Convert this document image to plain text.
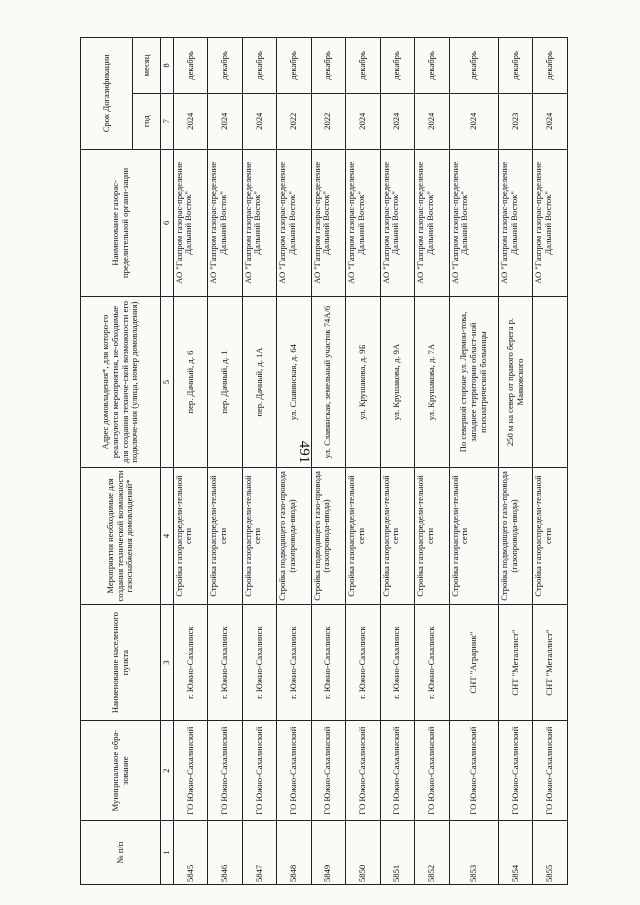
491
№ п/п	Муниципальное обра-зование	Наименование населенного пункта	Мероприятия необходимые для создания технической возможности газоснабжения домовладений*	Адрес домовладения*, для которо-го реализуются мероприятия, не-обходимые для создания техниче-ской возможности его подключе-ния (улица, номер домовладения)	Наименование газорас-пределительной органи-зации	Срок Догазификации	
						год	месяц
1	2	3	4	5	6	7	8
5845	ГО Южно-Сахалинский	г. Южно-Сахалинск	Стройка газораспредели-тельной сети	пер. Дачный, д. 6	АО "Газпром газорас-пределение Дальний Восток"	2024	декабрь
5846	ГО Южно-Сахалинский	г. Южно-Сахалинск	Стройка газораспредели-тельной сети	пер. Дачный, д. 1	АО "Газпром газорас-пределение Дальний Восток"	2024	декабрь
5847	ГО Южно-Сахалинский	г. Южно-Сахалинск	Стройка газораспредели-тельной сети	пер. Дачный, д. 1А	АО "Газпром газорас-пределение Дальний Восток"	2024	декабрь
5848	ГО Южно-Сахалинский	г. Южно-Сахалинск	Стройка подводящего газо-провода (газопровода-ввода)	ул. Славянская, д. 64	АО "Газпром газорас-пределение Дальний Восток"	2022	декабрь
5849	ГО Южно-Сахалинский	г. Южно-Сахалинск	Стройка подводящего газо-провода (газопровода-ввода)	ул. Славянская, земельный участок 74А/6	АО "Газпром газорас-пределение Дальний Восток"	2022	декабрь
5850	ГО Южно-Сахалинский	г. Южно-Сахалинск	Стройка газораспредели-тельной сети	ул. Крушакова, д. 9Б	АО "Газпром газорас-пределение Дальний Восток"	2024	декабрь
5851	ГО Южно-Сахалинский	г. Южно-Сахалинск	Стройка газораспредели-тельной сети	ул. Крушакова, д. 9А	АО "Газпром газорас-пределение Дальний Восток"	2024	декабрь
5852	ГО Южно-Сахалинский	г. Южно-Сахалинск	Стройка газораспредели-тельной сети	ул. Крушакова, д. 7А	АО "Газпром газорас-пределение Дальний Восток"	2024	декабрь
5853	ГО Южно-Сахалинский	СНТ "Аграрник"	Стройка газораспредели-тельной сети	По северной стороне ул. Лермон-това, западнее территории област-ной психиатрической больницы	АО "Газпром газорас-пределение Дальний Восток"	2024	декабрь
5854	ГО Южно-Сахалинский	СНТ "Металлист"	Стройка подводящего газо-провода (газопровода-ввода)	250 м на север от правого берега р. Маяковского	АО "Газпром газорас-пределение Дальний Восток"	2023	декабрь
5855	ГО Южно-Сахалинский	СНТ "Металлист"	Стройка газораспредели-тельной сети		АО "Газпром газорас-пределение Дальний Восток"	2024	декабрь
